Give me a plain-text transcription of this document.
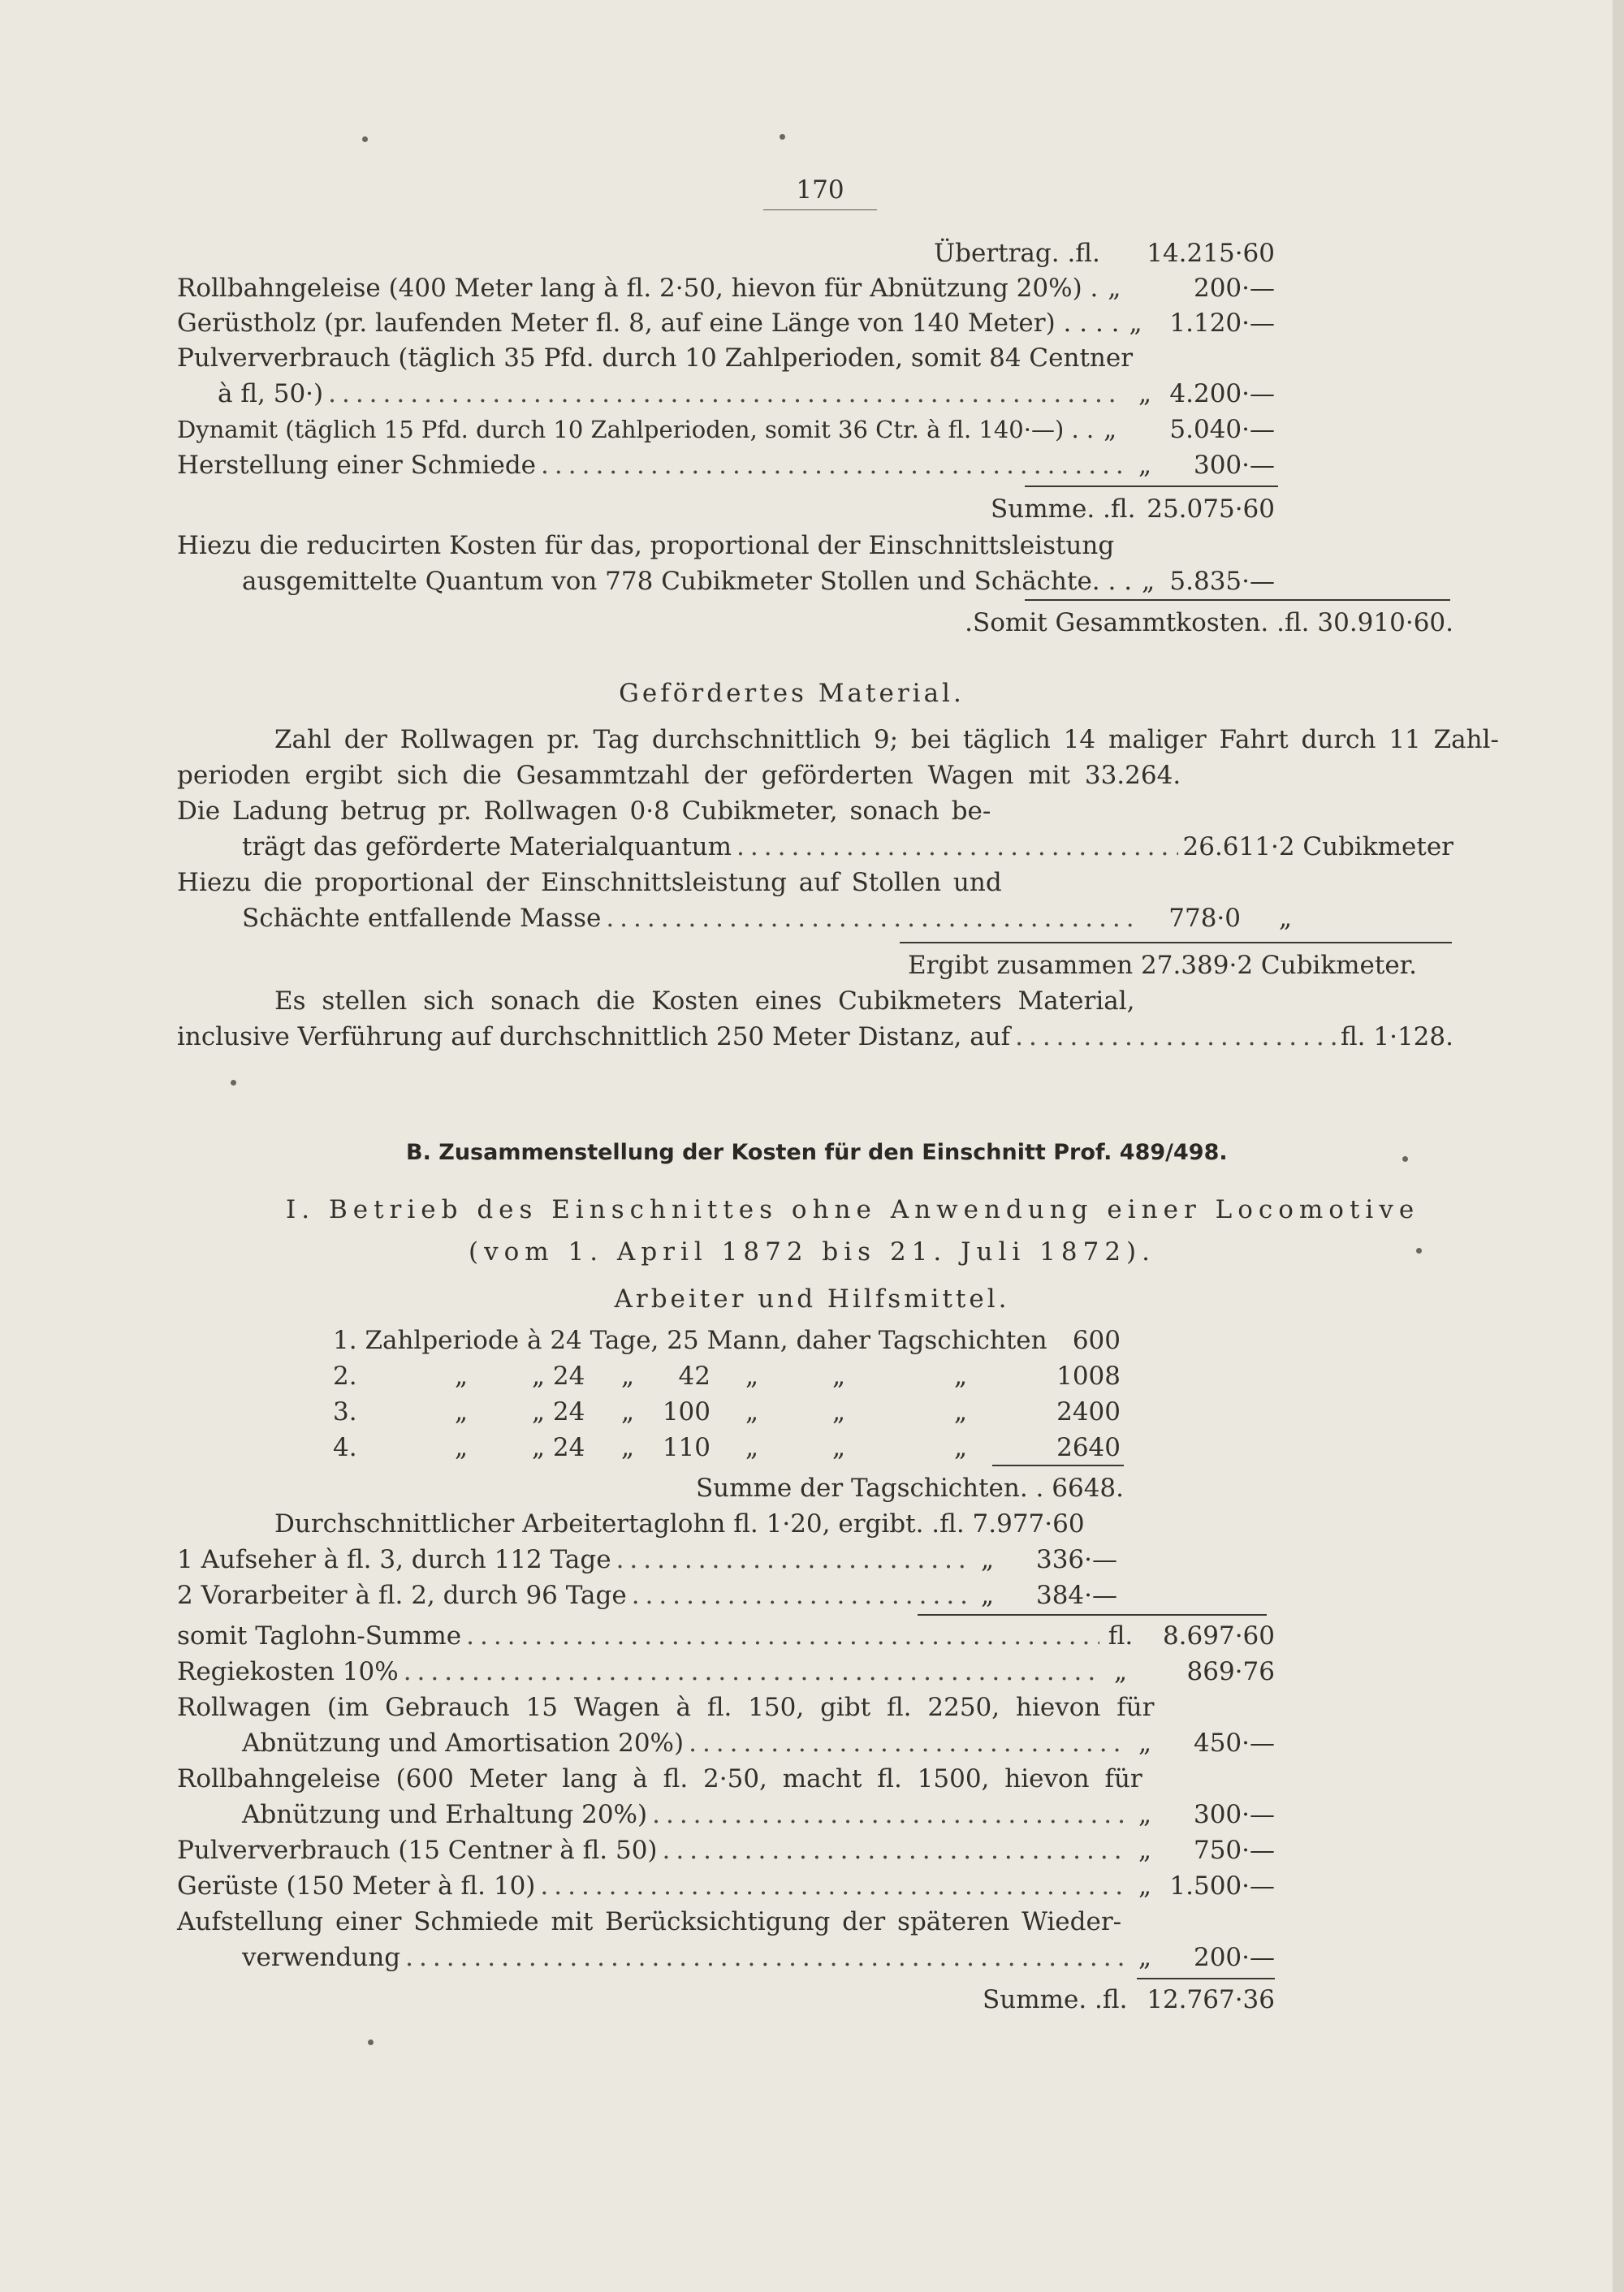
170
Übertrag. .fl. 14.215·60
Rollbahngeleise (400 Meter lang à fl. 2·50, hievon für Abnützung 20%) . „	200·—
Gerüstholz (pr. laufenden Meter fl. 8, auf eine Länge von 140 Meter) . . . . „	1.120·—
Pulververbrauch (täglich 35 Pfd. durch 10 Zahlperioden, somit 84 Centner
à fl, 50·) .....	„ 4.200·—
Dynamit (täglich 15 Pfd. durch 10 Zahlperioden, somit 36 Ctr. à fl. 140·—) . . „	5.040·—
Herstellung einer Schmiede .....	„	300·—
Summe. .fl. 25.075·60
Hiezu die reducirten Kosten für das, proportional der Einschnittsleistung
ausgemittelte Quantum von 778 Cubikmeter Stollen und Schächte. . . „ 5.835·—
.Somit Gesammtkosten. .fl. 30.910·60.
Gefördertes Material.
Zahl der Rollwagen pr. Tag durchschnittlich 9; bei täglich 14 maliger Fahrt durch 11 Zahl-
perioden ergibt sich die Gesammtzahl der geförderten Wagen mit 33.264.
Die Ladung betrug pr. Rollwagen 0·8 Cubikmeter, sonach be-
trägt das geförderte Materialquantum .....	26.611·2 Cubikmeter
Hiezu die proportional der Einschnittsleistung auf Stollen und
Schächte entfallende Masse .....	778·0	„
Ergibt zusammen 27.389·2 Cubikmeter.
Es stellen sich sonach die Kosten eines Cubikmeters Material,
inclusive Verführung auf durchschnittlich 250 Meter Distanz, auf .....	fl. 1·128.
B. Zusammenstellung der Kosten für den Einschnitt Prof. 489/498.
I. Betrieb des Einschnittes ohne Anwendung einer Locomotive
(vom 1. April 1872 bis 21. Juli 1872).
Arbeiter und Hilfsmittel.
1. Zahlperiode à 24 Tage, 25 Mann, daher Tagschichten	600
2.	„	„ 24 „	42 „	„	„	1008
3.	„	„ 24 „	100 „	„	„	2400
4.	„	„ 24 „	110 „	„	„	2640
Summe der Tagschichten. . 6648.
Durchschnittlicher Arbeitertaglohn fl. 1·20, ergibt. .fl. 7.977·60
1 Aufseher à fl. 3, durch 112 Tage .....	„	336·—
2 Vorarbeiter à fl. 2, durch 96 Tage .....	„	384·—
somit Taglohn-Summe .....	fl.	8.697·60
Regiekosten 10% .....	„	869·76
Rollwagen (im Gebrauch 15 Wagen à fl. 150, gibt fl. 2250, hievon für
Abnützung und Amortisation 20%) .....	„	450·—
Rollbahngeleise (600 Meter lang à fl. 2·50, macht fl. 1500, hievon für
Abnützung und Erhaltung 20%) .....	„	300·—
Pulververbrauch (15 Centner à fl. 50) .....	„	750·—
Gerüste (150 Meter à fl. 10) .....	„ 1.500·—
Aufstellung einer Schmiede mit Berücksichtigung der späteren Wieder-
verwendung .....	„	200·—
Summe. .fl. 12.767·36
